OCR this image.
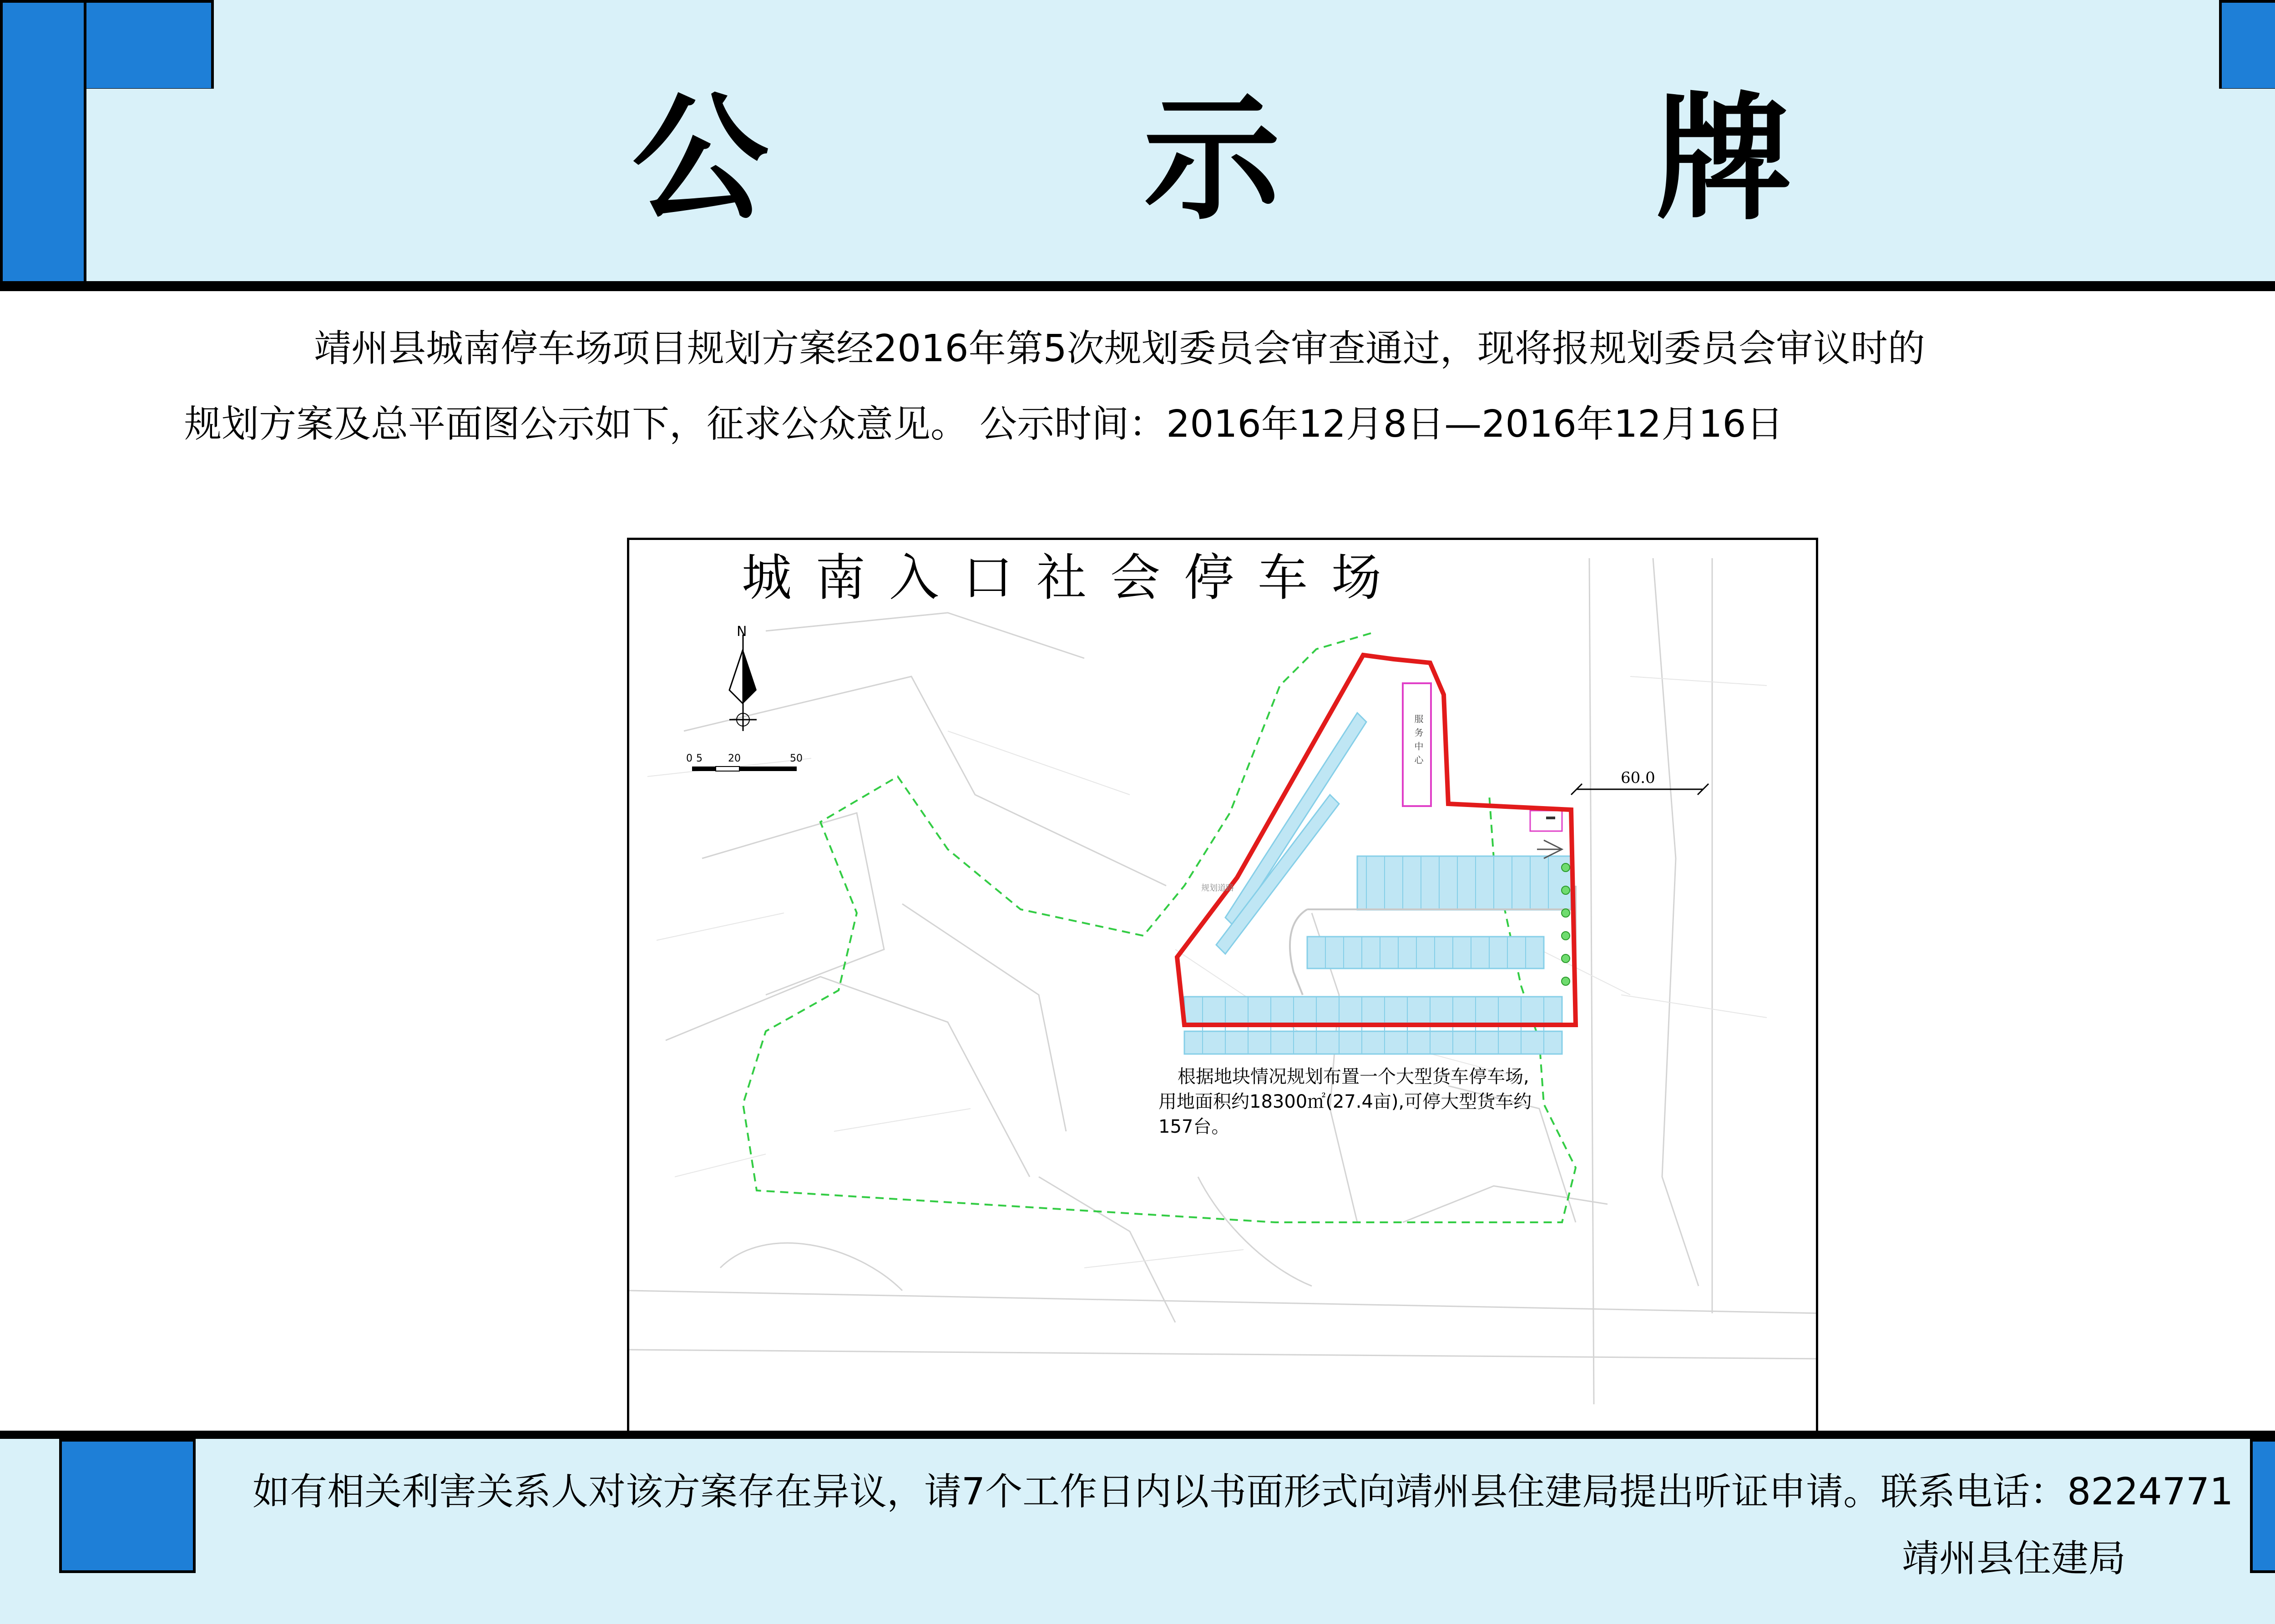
公 示 牌
靖州县城南停车场项目规划方案经2016年第5次规划委员会审查通过，现将报规划委员会审议时的
规划方案及总平面图公示如下，征求公众意见。 公示时间：2016年12月8日—2016年12月16日
城南入口社会停车场
N
0 5	20	50
60.0
服务中心
规划道路
根据地块情况规划布置一个大型货车停车场,
用地面积约18300㎡(27.4亩),可停大型货车约
157台。
如有相关利害关系人对该方案存在异议，请7个工作日内以书面形式向靖州县住建局提出听证申请。联系电话：8224771
靖州县住建局
